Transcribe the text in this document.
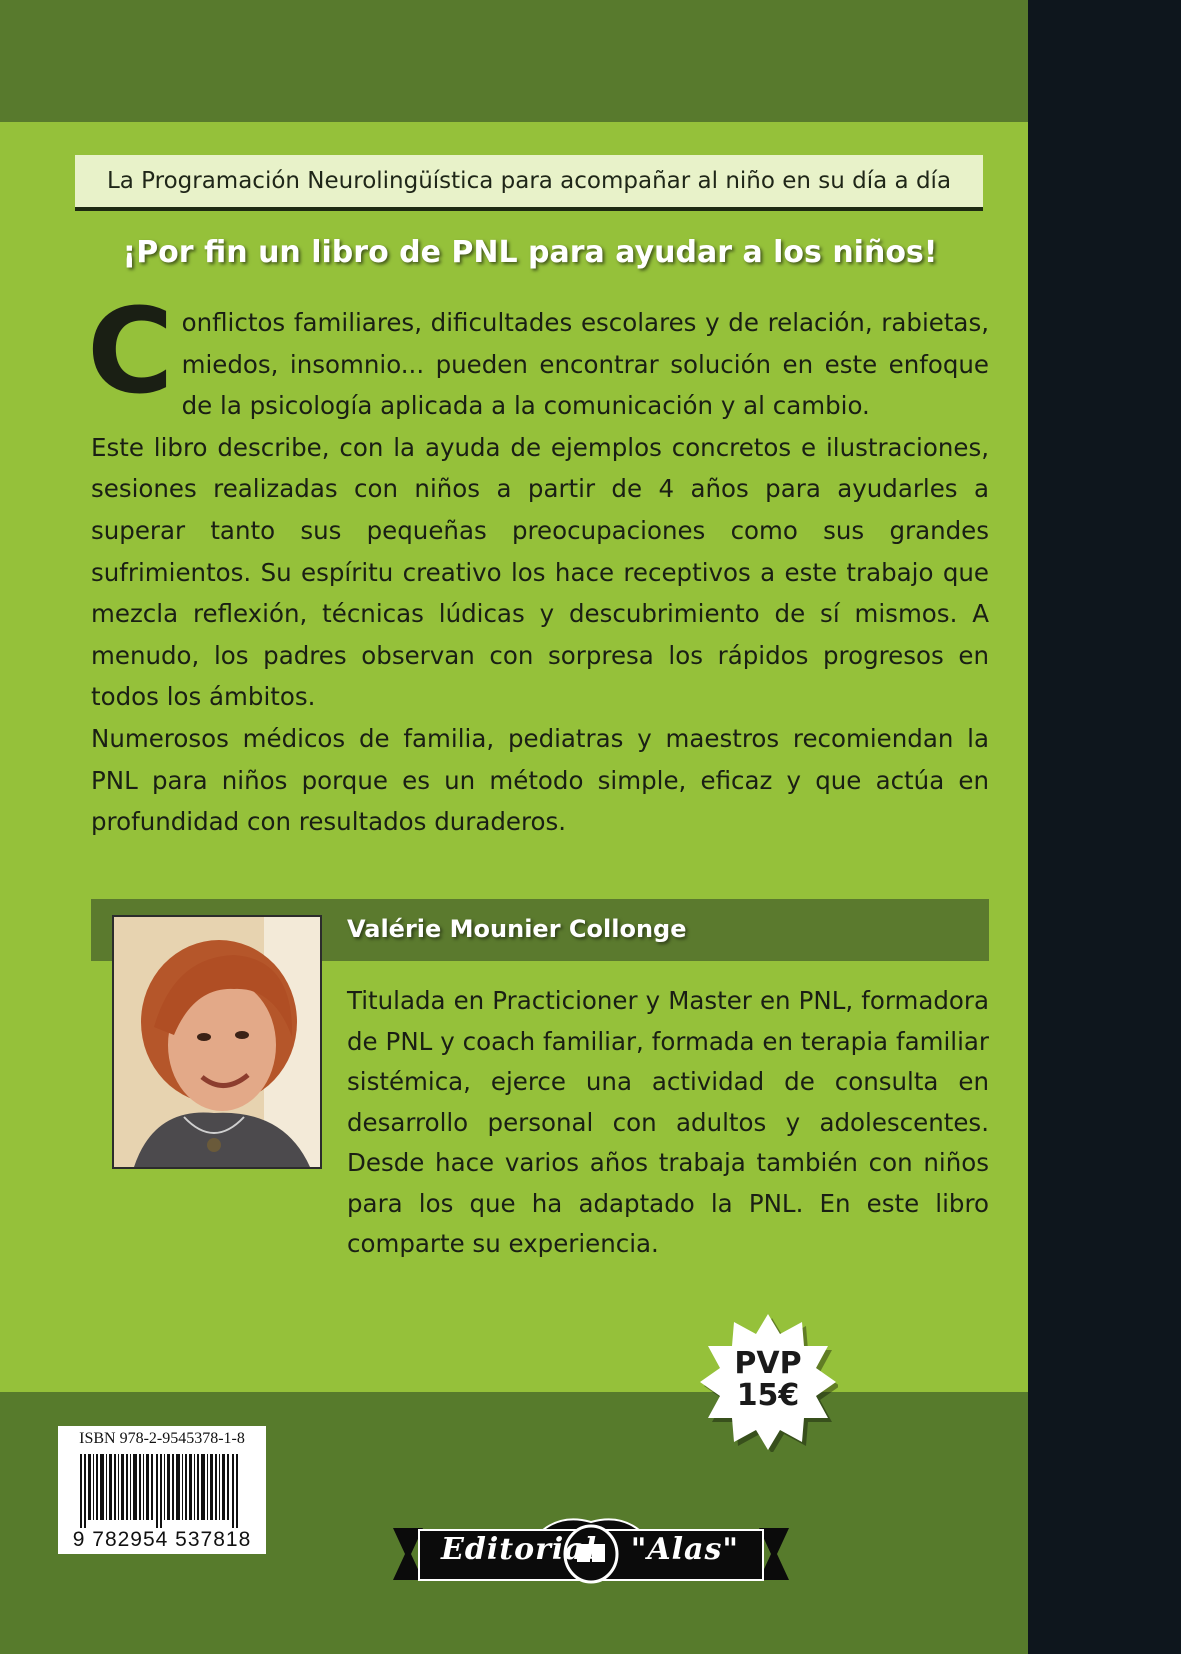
La Programación Neurolingüística para acompañar al niño en su día a día
¡Por fin un libro de PNL para ayudar a los niños!

Conflictos familiares, dificultades escolares y de relación, rabietas, miedos, insomnio... pueden encontrar solución en este enfoque de la psicología aplicada a la comunicación y al cambio.

Este libro describe, con la ayuda de ejemplos concretos e ilustraciones, sesiones realizadas con niños a partir de 4 años para ayudarles a superar tanto sus pequeñas preocupaciones como sus grandes sufrimientos. Su espíritu creativo los hace receptivos a este trabajo que mezcla reflexión, técnicas lúdicas y descubrimiento de sí mismos. A menudo, los padres observan con sorpresa los rápidos progresos en todos los ámbitos.

Numerosos médicos de familia, pediatras y maestros recomiendan la PNL para niños porque es un método simple, eficaz y que actúa en profundidad con resultados duraderos.

Valérie Mounier Collonge
Titulada en Practicioner y Master en PNL, formadora de PNL y coach familiar, formada en terapia familiar sistémica, ejerce una actividad de consulta en desarrollo personal con adultos y adolescentes. Desde hace varios años trabaja también con niños para los que ha adaptado la PNL. En este libro comparte su experiencia.
PVP
15€
ISBN 978-2-9545378-1-8
9 782954 537818	Editorial "Alas"
